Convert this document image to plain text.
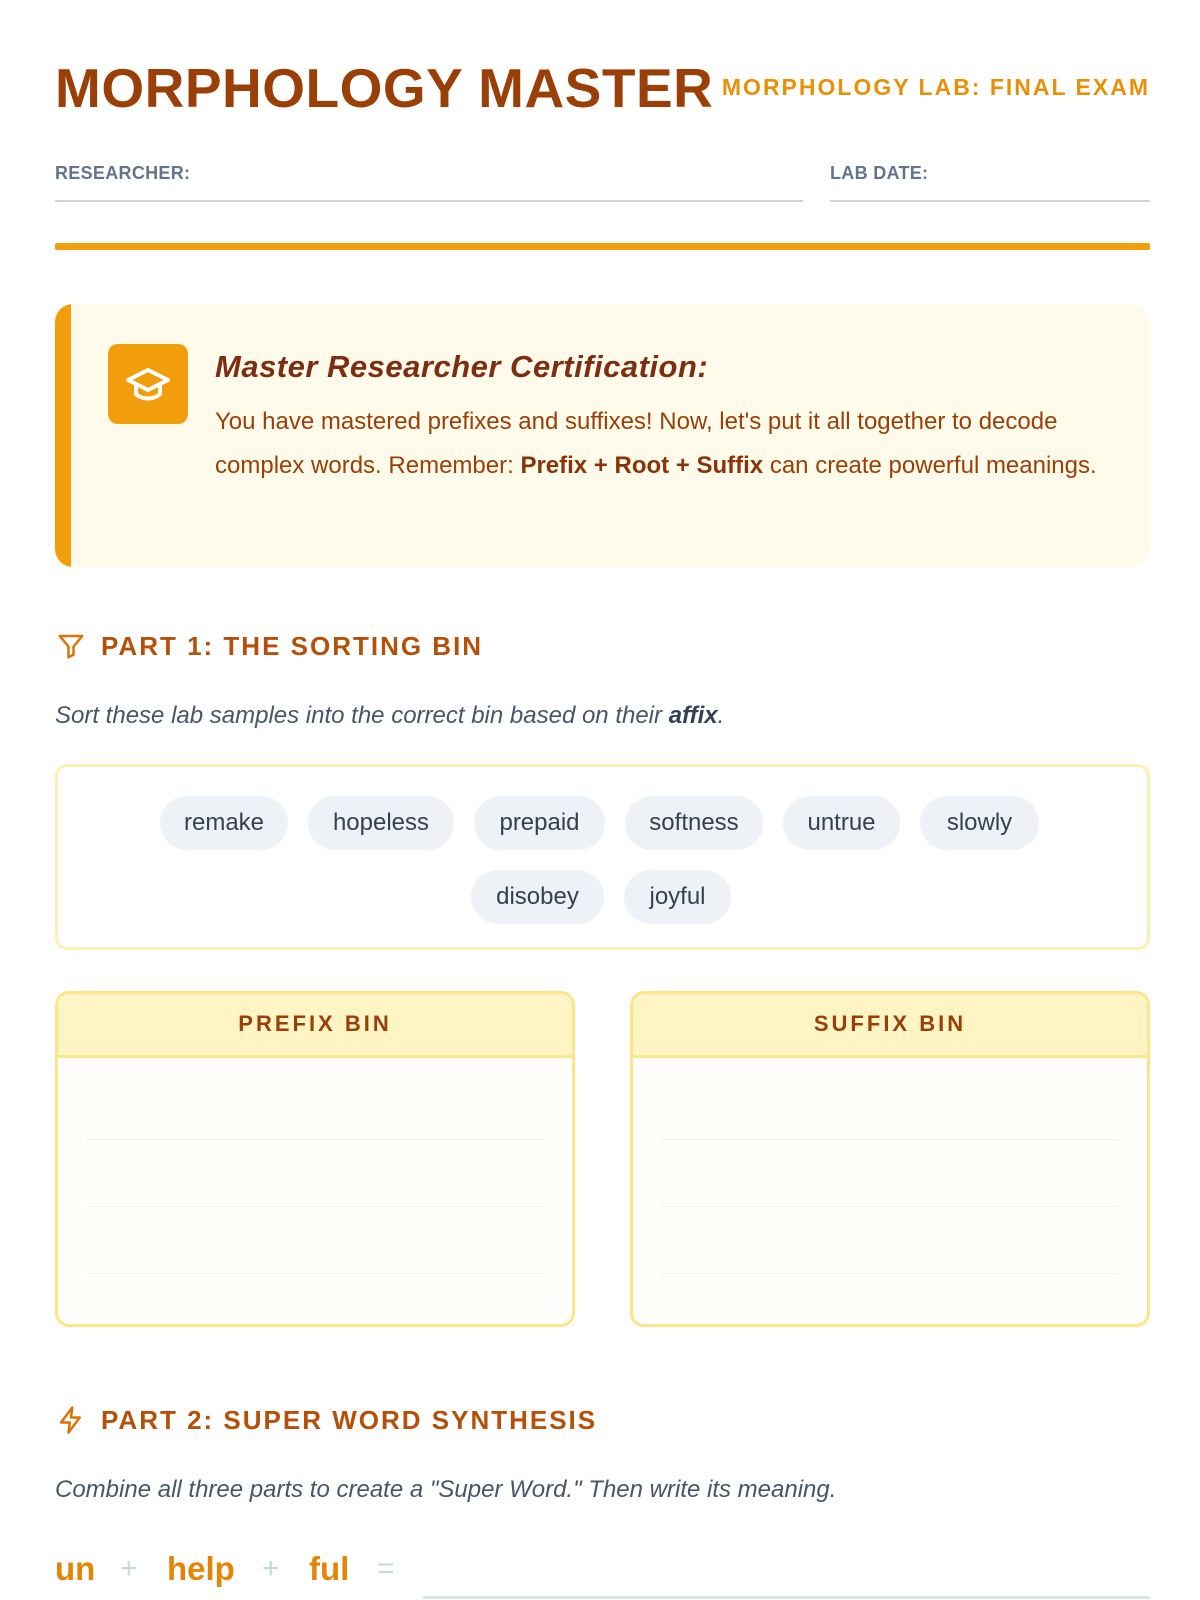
MORPHOLOGY MASTER MORPHOLOGY LAB: FINAL EXAM
RESEARCHER:	LAB DATE:
Master Researcher Certification:
You have mastered prefixes and suffixes! Now, let's put it all together to decode complex words. Remember: Prefix + Root + Suffix can create powerful meanings.
PART 1: THE SORTING BIN
Sort these lab samples into the correct bin based on their affix.
remake	hopeless	prepaid	softness	untrue	slowly
disobey	joyful
PREFIX BIN	SUFFIX BIN
PART 2: SUPER WORD SYNTHESIS
Combine all three parts to create a "Super Word." Then write its meaning.
un + help + ful =
